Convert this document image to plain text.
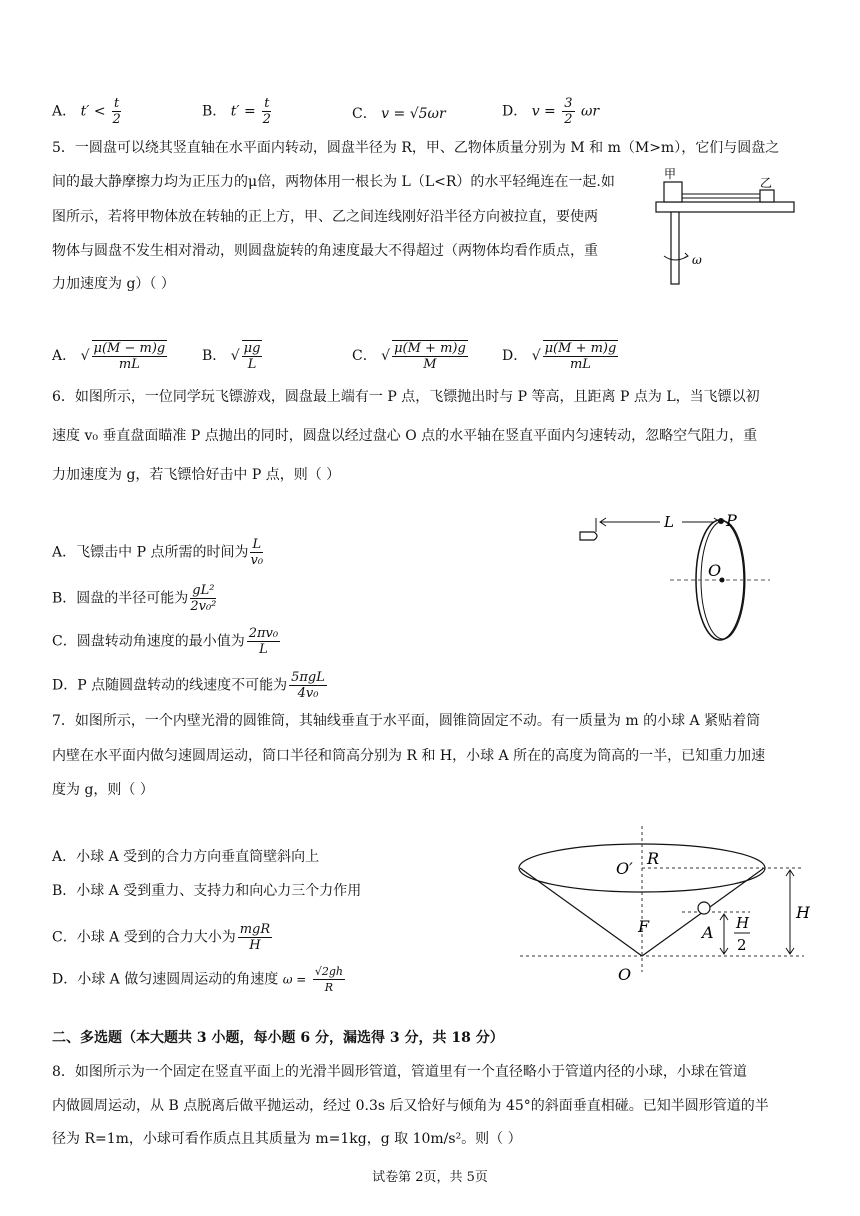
A． $t' < \frac{t}{2}$	B． $t' = \frac{t}{2}$	C． v = √5ωr	D． $v = \frac{3}{2}$ ωr
5．一圆盘可以绕其竖直轴在水平面内转动，圆盘半径为 R，甲、乙物体质量分别为 M 和 m（M>m），它们与圆盘之
间的最大静摩擦力均为正压力的μ倍，两物体用一根长为 L（L<R）的水平轻绳连在一起.如
图所示，若将甲物体放在转轴的正上方，甲、乙之间连线刚好沿半径方向被拉直，要使两
物体与圆盘不发生相对滑动，则圆盘旋转的角速度最大不得超过（两物体均看作质点，重
力加速度为 g）（ ）
甲
乙
ω
A． √ $\frac{\mu(M - m)g}{mL}$ B． √ $\frac{\mu g}{L}$	C． √ $\frac{\mu(M + m)g}{M}$ D． √ $\frac{\mu(M + m)g}{mL}$
6．如图所示，一位同学玩飞镖游戏，圆盘最上端有一 P 点，飞镖抛出时与 P 等高，且距离 P 点为 L，当飞镖以初
速度 v₀ 垂直盘面瞄准 P 点抛出的同时，圆盘以经过盘心 O 点的水平轴在竖直平面内匀速转动，忽略空气阻力，重
力加速度为 g，若飞镖恰好击中 P 点，则（ ）
L	P
O
A．飞镖击中 P 点所需的时间为 $\frac{L}{\text{v₀}}$
B．圆盘的半径可能为 $\frac{\text{gL²}}{\text{2v₀²}}$
C．圆盘转动角速度的最小值为 $\frac{\text{2πv₀}}{L}$
D．P 点随圆盘转动的线速度不可能为 $\frac{\text{5πgL}}{\text{4v₀}}$
7．如图所示，一个内壁光滑的圆锥筒，其轴线垂直于水平面，圆锥筒固定不动。有一质量为 m 的小球 A 紧贴着筒
内壁在水平面内做匀速圆周运动，筒口半径和筒高分别为 R 和 H，小球 A 所在的高度为筒高的一半，已知重力加速
度为 g，则（ ）
O′
R
F	A
H
H
2
O
A．小球 A 受到的合力方向垂直筒壁斜向上
B．小球 A 受到重力、支持力和向心力三个力作用
C．小球 A 受到的合力大小为 $\frac{\text{mgR}}{H}$
D．小球 A 做匀速圆周运动的角速度 $\omega = \frac{√2gh}{R}$
二、多选题（本大题共 3 小题，每小题 6 分，漏选得 3 分，共 18 分）
8．如图所示为一个固定在竖直平面上的光滑半圆形管道，管道里有一个直径略小于管道内径的小球，小球在管道
内做圆周运动，从 B 点脱离后做平抛运动，经过 0.3s 后又恰好与倾角为 45°的斜面垂直相碰。已知半圆形管道的半
径为 R=1m，小球可看作质点且其质量为 m=1kg，g 取 10m/s²。则（ ）
试卷第 2页，共 5页
